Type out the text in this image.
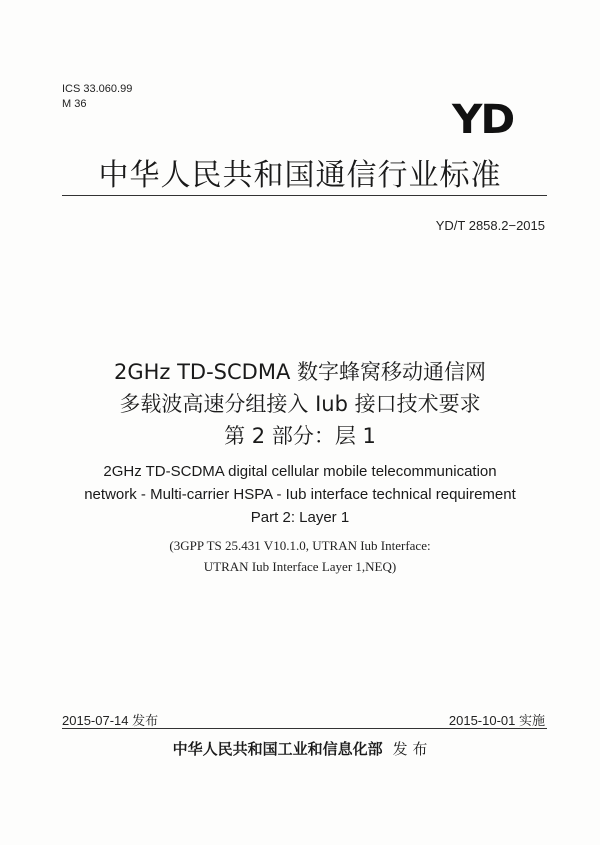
ICS 33.060.99
M 36	YD
中华人民共和国通信行业标准
YD/T 2858.2−2015
2GHz TD-SCDMA 数字蜂窝移动通信网
多载波高速分组接入 Iub 接口技术要求
第 2 部分：层 1
2GHz TD-SCDMA digital cellular mobile telecommunication
network - Multi-carrier HSPA - Iub interface technical requirement
Part 2: Layer 1
(3GPP TS 25.431 V10.1.0, UTRAN Iub Interface:
UTRAN Iub Interface Layer 1,NEQ)
2015-07-14 发布	2015-10-01 实施
中华人民共和国工业和信息化部 发 布
